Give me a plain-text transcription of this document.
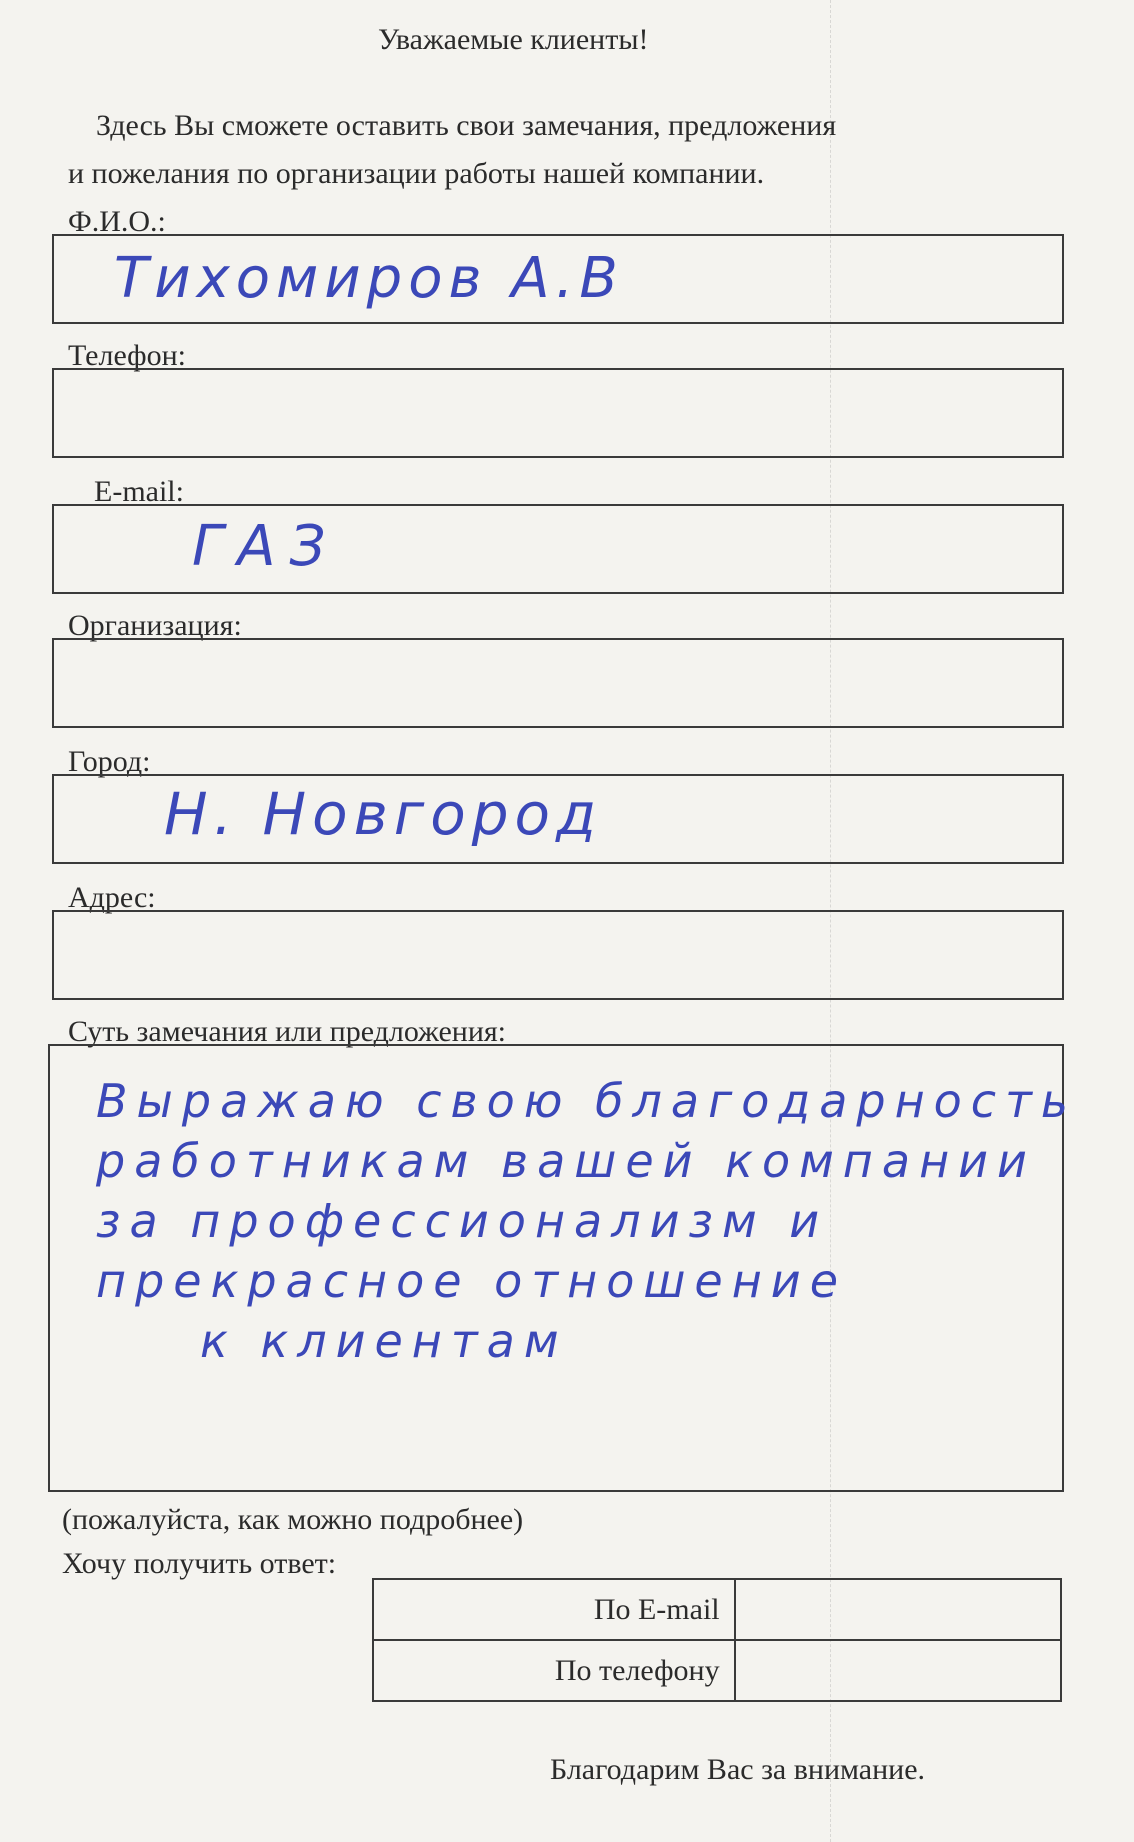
Уважаемые клиенты!
Здесь Вы сможете оставить свои замечания, предложения
и пожелания по организации работы нашей компании.
Ф.И.О.:
Тихомиров А.В
Телефон:
E-mail:
ГАЗ
Организация:
Город:
Н. Новгород
Адрес:
Суть замечания или предложения:
Выражаю свою благодарность
работникам вашей компании
за профессионализм и
прекрасное отношение
к клиентам
(пожалуйста, как можно подробнее)
Хочу получить ответ:
По E-mail	
По телефону	
Благодарим Вас за внимание.
